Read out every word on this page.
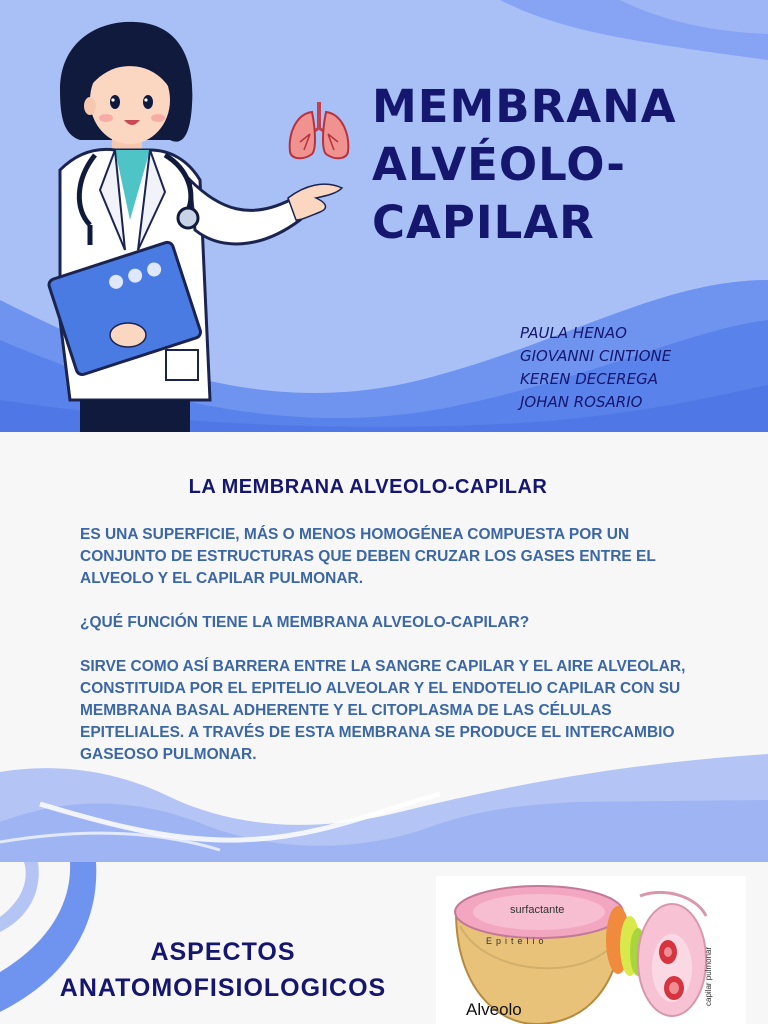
MEMBRANA
ALVÉOLO-
CAPILAR
PAULA HENAO
GIOVANNI CINTIONE
KEREN DECEREGA
JOHAN ROSARIO
LA MEMBRANA ALVEOLO-CAPILAR

ES UNA SUPERFICIE, MÁS O MENOS HOMOGÉNEA COMPUESTA POR UN CONJUNTO DE ESTRUCTURAS QUE DEBEN CRUZAR LOS GASES ENTRE EL ALVEOLO Y EL CAPILAR PULMONAR.

¿QUÉ FUNCIÓN TIENE LA MEMBRANA ALVEOLO-CAPILAR?

SIRVE COMO ASÍ BARRERA ENTRE LA SANGRE CAPILAR Y EL AIRE ALVEOLAR, CONSTITUIDA POR EL EPITELIO ALVEOLAR Y EL ENDOTELIO CAPILAR CON SU MEMBRANA BASAL ADHERENTE Y EL CITOPLASMA DE LAS CÉLULAS EPITELIALES. A TRAVÉS DE ESTA MEMBRANA SE PRODUCE EL INTERCAMBIO GASEOSO PULMONAR.

ASPECTOS
ANATOMOFISIOLOGICOS
surfactante
Epitelio
Alveolo
capilar pulmonar
